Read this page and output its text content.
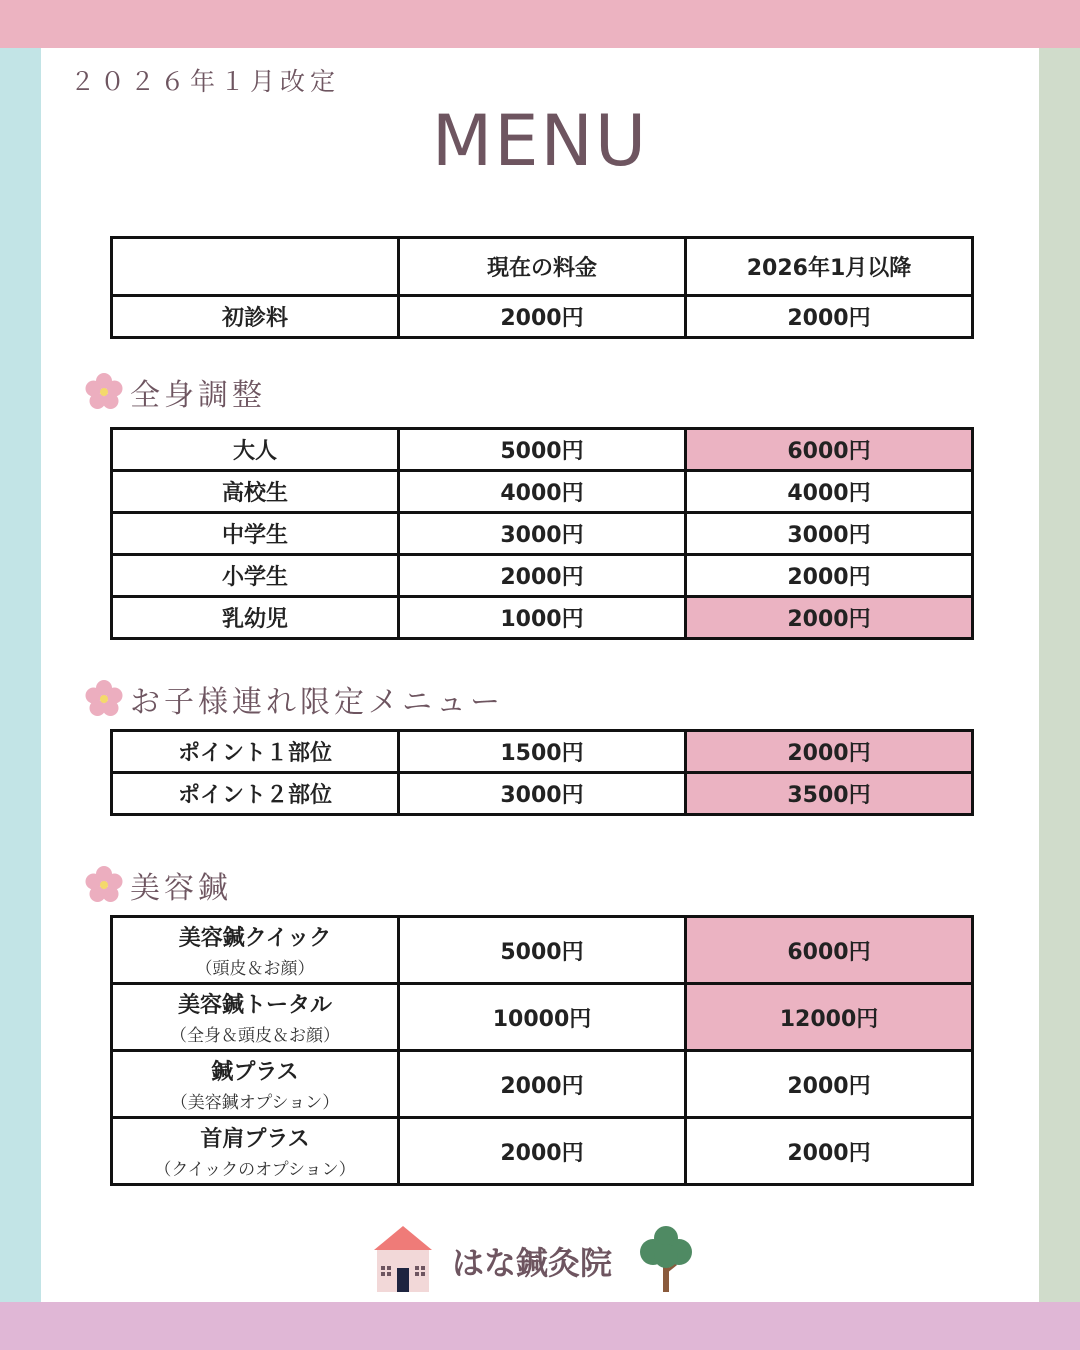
２０２６年１月改定
MENU
	現在の料金	2026年1月以降
初診料	2000円	2000円
全身調整
大人	5000円	6000円
高校生	4000円	4000円
中学生	3000円	3000円
小学生	2000円	2000円
乳幼児	1000円	2000円
お子様連れ限定メニュー
ポイント１部位	1500円	2000円
ポイント２部位	3000円	3500円
美容鍼
美容鍼クイック
（頭皮＆お顔）	5000円	6000円
美容鍼トータル
（全身＆頭皮＆お顔）	10000円	12000円
鍼プラス
（美容鍼オプション）	2000円	2000円
首肩プラス
（クイックのオプション）	2000円	2000円
はな鍼灸院
